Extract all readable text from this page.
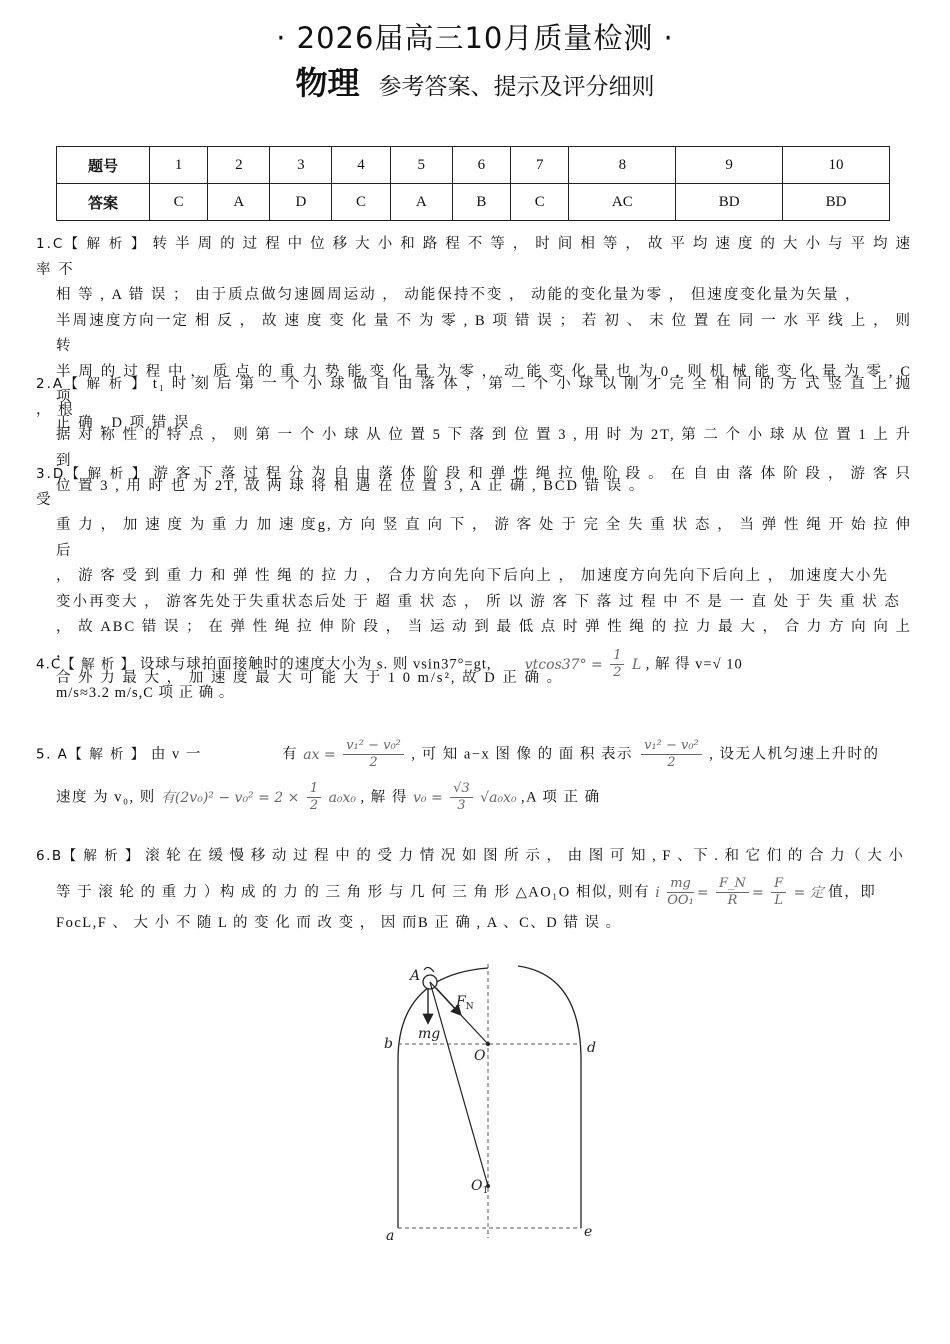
· 2026届高三10月质量检测 ·
物理 参考答案、提示及评分细则
题号	1	2	3	4	5	6	7	8	9	10
答案	C	A	D	C	A	B	C	AC	BD	BD
1.C【 解 析 】 转 半 周 的 过 程 中 位 移 大 小 和 路 程 不 等 ， 时 间 相 等 ， 故 平 均 速 度 的 大 小 与 平 均 速 率 不
相 等 , A 错 误 ； 由于质点做匀速圆周运动 ， 动能保持不变 ， 动能的变化量为零 ， 但速度变化量为矢量 ，
半周速度方向一定 相 反 ， 故 速 度 变 化 量 不 为 零 , B 项 错 误 ； 若 初 、 末 位 置 在 同 一 水 平 线 上 ， 则 转
半 周 的 过 程 中 ， 质 点 的 重 力 势 能 变 化 量 为 零 ， 动 能 变 化 量 也 为 0 , 则 机 械 能 变 化 量 为 零 , C 项
正 确 , D 项 错 误 。
2.A【 解 析 】 t₁ 时 刻 后 第 一 个 小 球 做 自 由 落 体 ， 第 二 个 小 球 以 刚 才 完 全 相 同 的 方 式 竖 直 上 抛 ， 根
据 对 称 性 的 特 点 ， 则 第 一 个 小 球 从 位 置 5 下 落 到 位 置 3 , 用 时 为 2T, 第 二 个 小 球 从 位 置 1 上 升 到
位 置 3 , 用 时 也 为 2T, 故 两 球 将 相 遇 在 位 置 3 , A 正 确 , BCD 错 误 。
3.D【 解 析 】 游 客 下 落 过 程 分 为 自 由 落 体 阶 段 和 弹 性 绳 拉 伸 阶 段 。 在 自 由 落 体 阶 段 ， 游 客 只 受
重 力 ， 加 速 度 为 重 力 加 速 度g, 方 向 竖 直 向 下 ， 游 客 处 于 完 全 失 重 状 态 ， 当 弹 性 绳 开 始 拉 伸 后
， 游 客 受 到 重 力 和 弹 性 绳 的 拉 力 ， 合力方向先向下后向上 ， 加速度方向先向下后向上 ， 加速度大小先
变小再变大 ， 游客先处于失重状态后处 于 超 重 状 态 ， 所 以 游 客 下 落 过 程 中 不 是 一 直 处 于 失 重 状 态
， 故 ABC 错 误 ； 在 弹 性 绳 拉 伸 阶 段 ， 当 运 动 到 最 低 点 时 弹 性 绳 的 拉 力 最 大 ， 合 力 方 向 向 上 ，
合 外 力 最 大 ， 加 速 度 最 大 可 能 大 于 1 0 m/s², 故 D 正 确 。
4.C【 解 析 】 设球与球拍面接触时的速度大小为 s. 则 vsin37°=gt, $vtcos37^\circ = \frac{1}{2}$ L , 解 得 v=√ 10
m/s≈3.2 m/s,C 项 正 确 。
5. A【 解 析 】 由 v 一	有 ax = $\frac{\text{v₁² − v₀²}}{2}$ , 可 知 a−x 图 像 的 面 积 表示 $\frac{\text{v₁² − v₀²}}{2}$ , 设无人机匀速上升时的
速度 为 v₀, 则 有$(2v_0)^2 - v_0^2 = 2 \times \frac{1}{2} a_0x_0$ , 解 得 $v_0 = \frac{√3}{3} √a_0x_0$ ,A 项 正 确
6.B【 解 析 】 滚 轮 在 缓 慢 移 动 过 程 中 的 受 力 情 况 如 图 所 示 ， 由 图 可 知 , F 、下 . 和 它 们 的 合 力（ 大 小
等 于 滚 轮 的 重 力 ）构 成 的 力 的 三 角 形 与 几 何 三 角 形 △AO₁O 相似, 则有 i $\frac{mg}{\text{OO₁}} = \frac{F\_N}{R} = \frac{F}{L}$ = 定 值，即
FocL,F 、 大 小 不 随 L 的 变 化 而 改 变 ， 因 而B 正 确 , A 、C、D 错 误 。
A
$F_N$
mg
b
O	d
$O_1$
a	e
